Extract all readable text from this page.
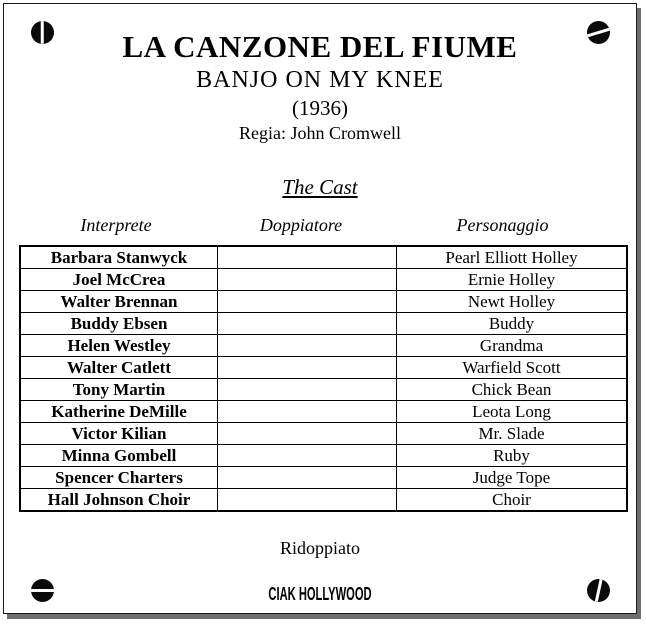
LA CANZONE DEL FIUME
BANJO ON MY KNEE
(1936)
Regia: John Cromwell
The Cast
Interprete	Doppiatore	Personaggio
Barbara Stanwyck		Pearl Elliott Holley
Joel McCrea		Ernie Holley
Walter Brennan		Newt Holley
Buddy Ebsen		Buddy
Helen Westley		Grandma
Walter Catlett		Warfield Scott
Tony Martin		Chick Bean
Katherine DeMille		Leota Long
Victor Kilian		Mr. Slade
Minna Gombell		Ruby
Spencer Charters		Judge Tope
Hall Johnson Choir		Choir
Ridoppiato
CIAK HOLLYWOOD
